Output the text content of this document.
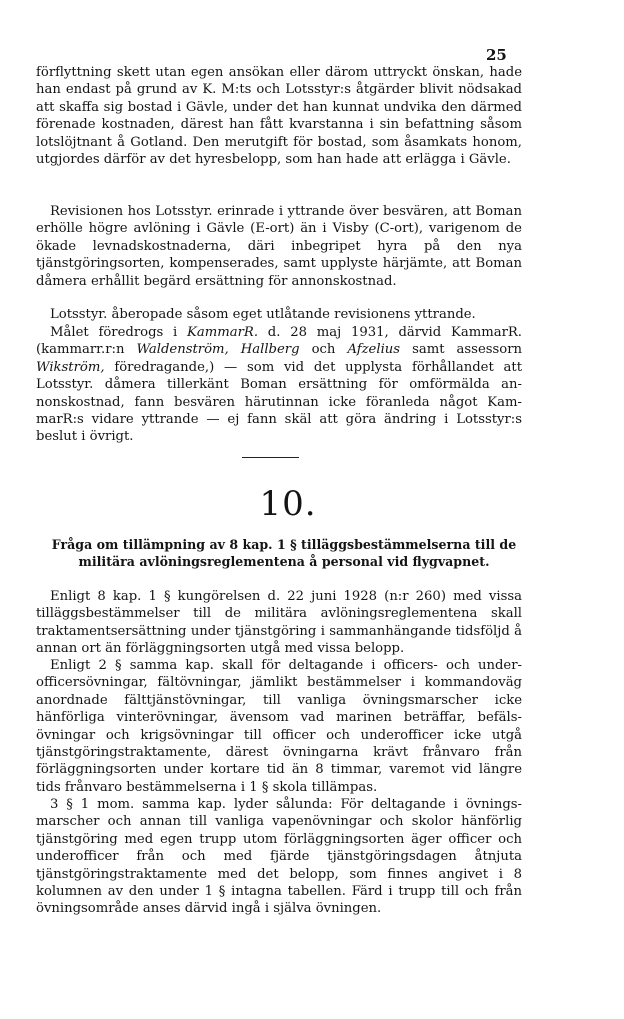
25

förflyttning skett utan egen ansökan eller därom uttryckt önskan, hade han endast på grund av K. M:ts och Lotsstyr:s åtgärder blivit nödsakad att skaffa sig bostad i Gävle, under det han kunnat undvika den därmed förenade kostnaden, därest han fått kvarstanna i sin befattning såsom lotslöjtnant å Gotland. Den merutgift för bostad, som åsamkats honom, utgjordes därför av det hyresbelopp, som han hade att erlägga i Gävle.

Revisionen hos Lotsstyr. erinrade i yttrande över besvären, att Boman erhölle högre avlöning i Gävle (E-ort) än i Visby (C-ort), varigenom de ökade levnadskostnaderna, däri inbegripet hyra på den nya tjänstgöringsorten, kompenserades, samt upplyste härjämte, att Boman dåmera erhållit begärd ersättning för annonskostnad.

Lotsstyr. åberopade såsom eget utlåtande revisionens yttrande.

Målet föredrogs i KammarR. d. 28 maj 1931, därvid KammarR. (kammarr.r:n Waldenström, Hallberg och Afzelius samt assessorn Wikström, föredragande,) — som vid det upplysta förhållandet att Lotsstyr. dåmera tillerkänt Boman ersättning för omförmälda annonskostnad, fann besvären härutinnan icke föranleda något KammarR:s vidare yttrande — ej fann skäl att göra ändring i Lotsstyr:s beslut i övrigt.

10.
Fråga om tillämpning av 8 kap. 1 § tilläggsbestämmelserna till de
militära avlöningsreglementena å personal vid flygvapnet.

Enligt 8 kap. 1 § kungörelsen d. 22 juni 1928 (n:r 260) med vissa tilläggsbestämmelser till de militära avlöningsreglementena skall traktamentsersättning under tjänstgöring i sammanhängande tidsföljd å annan ort än förläggningsorten utgå med vissa belopp.

Enligt 2 § samma kap. skall för deltagande i officers- och underofficersövningar, fältövningar, jämlikt bestämmelser i kommandoväg anordnade fälttjänstövningar, till vanliga övningsmarscher icke hänförliga vinterövningar, ävensom vad marinen beträffar, befälsövningar och krigsövningar till officer och underofficer icke utgå tjänstgöringstraktamente, därest övningarna krävt frånvaro från förläggningsorten under kortare tid än 8 timmar, varemot vid längre tids frånvaro bestämmelserna i 1 § skola tillämpas.

3 § 1 mom. samma kap. lyder sålunda: För deltagande i övningsmarscher och annan till vanliga vapenövningar och skolor hänförlig tjänstgöring med egen trupp utom förläggningsorten äger officer och underofficer från och med fjärde tjänstgöringsdagen åtnjuta tjänstgöringstraktamente med det belopp, som finnes angivet i 8 kolumnen av den under 1 § intagna tabellen. Färd i trupp till och från övningsområde anses därvid ingå i själva övningen.
